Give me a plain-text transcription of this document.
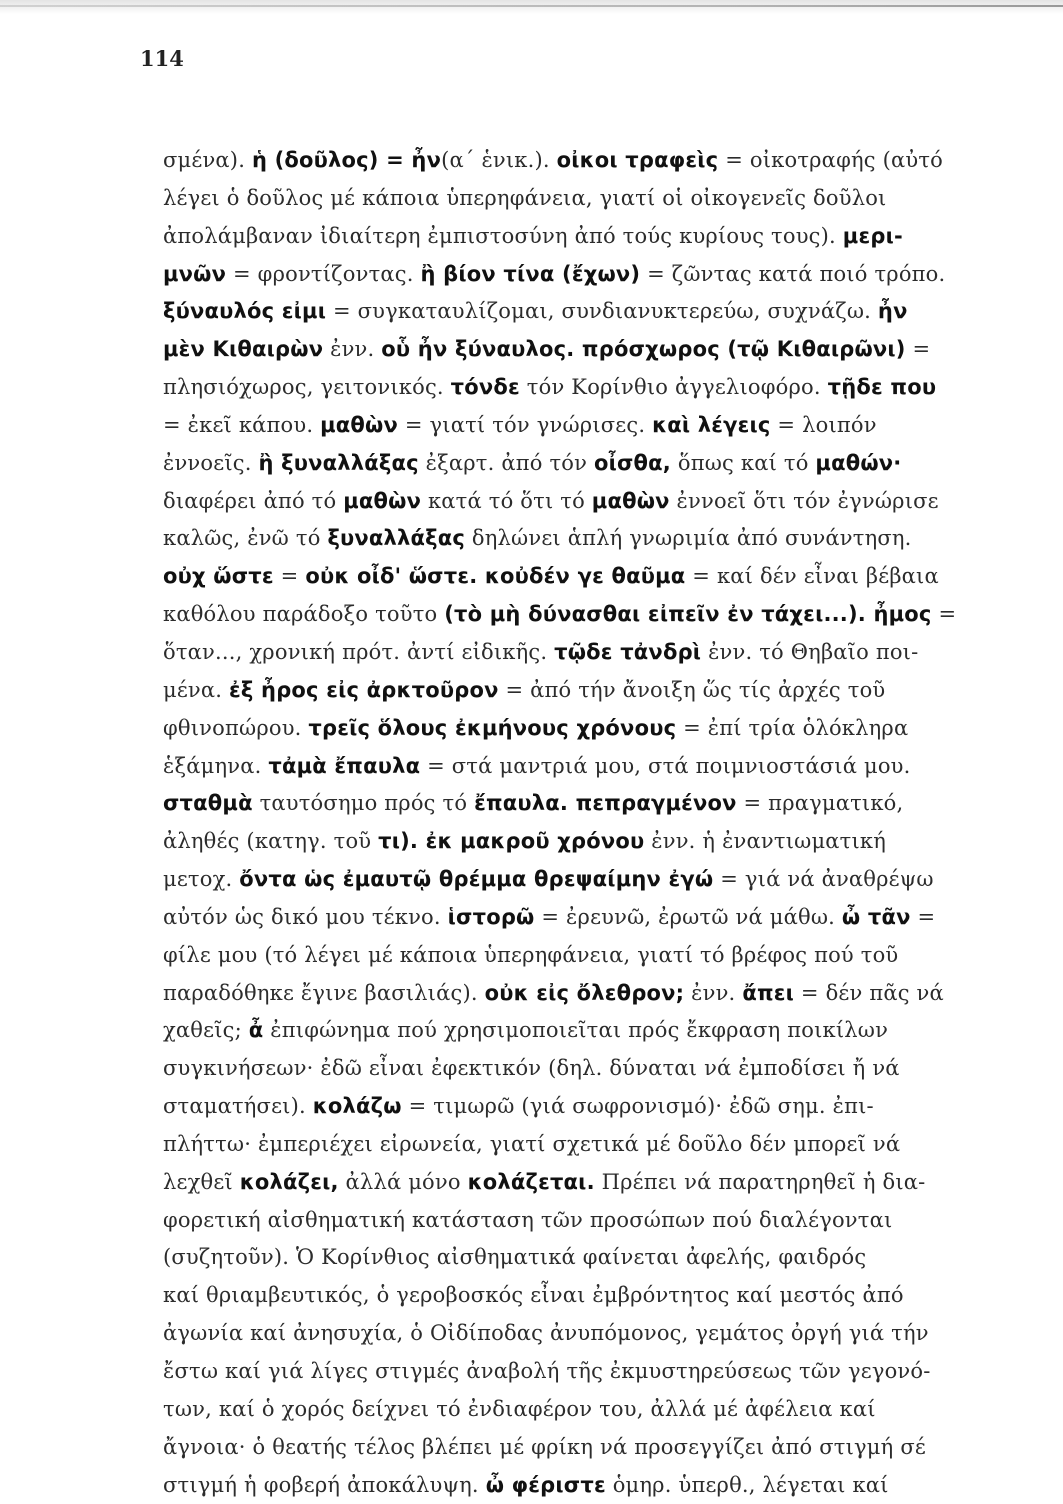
114
σμένα). ἡ (δοῦλος) = ἦν(α΄ ἑνικ.). οἰκοι τραφεὶς = οἰκοτραφής (αὐτό
λέγει ὁ δοῦλος μέ κάποια ὑπερηφάνεια, γιατί οἱ οἰκογενεῖς δοῦλοι
ἀπολάμβαναν ἰδιαίτερη ἐμπιστοσύνη ἀπό τούς κυρίους τους). μερι-
μνῶν = φροντίζοντας. ἢ βίον τίνα (ἔχων) = ζῶντας κατά ποιό τρόπο.
ξύναυλός εἰμι = συγκαταυλίζομαι, συνδιανυκτερεύω, συχνάζω. ἦν
μὲν Κιθαιρὼν ἐνν. οὗ ἦν ξύναυλος. πρόσχωρος (τῷ Κιθαιρῶνι) =
πλησιόχωρος, γειτονικός. τόνδε τόν Κορίνθιο ἀγγελιοφόρο. τῇδε που
= ἐκεῖ κάπου. μαθὼν = γιατί τόν γνώρισες. καὶ λέγεις = λοιπόν
ἐννοεῖς. ἢ ξυναλλάξας ἐξαρτ. ἀπό τόν οἶσθα, ὅπως καί τό μαθών·
διαφέρει ἀπό τό μαθὼν κατά τό ὅτι τό μαθὼν ἐννοεῖ ὅτι τόν ἐγνώρισε
καλῶς, ἐνῶ τό ξυναλλάξας δηλώνει ἁπλή γνωριμία ἀπό συνάντηση.
οὐχ ὥστε = οὐκ οἶδ' ὥστε. κοὐδέν γε θαῦμα = καί δέν εἶναι βέβαια
καθόλου παράδοξο τοῦτο (τὸ μὴ δύνασθαι εἰπεῖν ἐν τάχει...). ἦμος =
ὅταν..., χρονική πρότ. ἀντί εἰδικῆς. τῷδε τἀνδρὶ ἐνν. τό Θηβαῖο ποι-
μένα. ἐξ ἦρος εἰς ἀρκτοῦρον = ἀπό τήν ἄνοιξη ὥς τίς ἀρχές τοῦ
φθινοπώρου. τρεῖς ὅλους ἐκμήνους χρόνους = ἐπί τρία ὁλόκληρα
ἑξάμηνα. τἀμὰ ἔπαυλα = στά μαντριά μου, στά ποιμνιοστάσιά μου.
σταθμὰ ταυτόσημο πρός τό ἔπαυλα. πεπραγμένον = πραγματικό,
ἀληθές (κατηγ. τοῦ τι). ἐκ μακροῦ χρόνου ἐνν. ἡ ἐναντιωματική
μετοχ. ὄντα ὡς ἐμαυτῷ θρέμμα θρεψαίμην ἐγώ = γιά νά ἀναθρέψω
αὐτόν ὡς δικό μου τέκνο. ἱστορῶ = ἐρευνῶ, ἐρωτῶ νά μάθω. ὦ τᾶν =
φίλε μου (τό λέγει μέ κάποια ὑπερηφάνεια, γιατί τό βρέφος πού τοῦ
παραδόθηκε ἔγινε βασιλιάς). οὐκ εἰς ὄλεθρον; ἐνν. ἄπει = δέν πᾶς νά
χαθεῖς; ἆ ἐπιφώνημα πού χρησιμοποιεῖται πρός ἔκφραση ποικίλων
συγκινήσεων· ἐδῶ εἶναι ἐφεκτικόν (δηλ. δύναται νά ἐμποδίσει ἤ νά
σταματήσει). κολάζω = τιμωρῶ (γιά σωφρονισμό)· ἐδῶ σημ. ἐπι-
πλήττω· ἐμπεριέχει εἰρωνεία, γιατί σχετικά μέ δοῦλο δέν μπορεῖ νά
λεχθεῖ κολάζει, ἀλλά μόνο κολάζεται. Πρέπει νά παρατηρηθεῖ ἡ δια-
φορετική αἰσθηματική κατάσταση τῶν προσώπων πού διαλέγονται
(συζητοῦν). Ὁ Κορίνθιος αἰσθηματικά φαίνεται ἀφελής, φαιδρός
καί θριαμβευτικός, ὁ γεροβοσκός εἶναι ἐμβρόντητος καί μεστός ἀπό
ἀγωνία καί ἀνησυχία, ὁ Οἰδίποδας ἀνυπόμονος, γεμάτος ὀργή γιά τήν
ἔστω καί γιά λίγες στιγμές ἀναβολή τῆς ἐκμυστηρεύσεως τῶν γεγονό-
των, καί ὁ χορός δείχνει τό ἐνδιαφέρον του, ἀλλά μέ ἀφέλεια καί
ἄγνοια· ὁ θεατής τέλος βλέπει μέ φρίκη νά προσεγγίζει ἀπό στιγμή σέ
στιγμή ἡ φοβερή ἀποκάλυψη. ὦ φέριστε ὁμηρ. ὑπερθ., λέγεται καί
